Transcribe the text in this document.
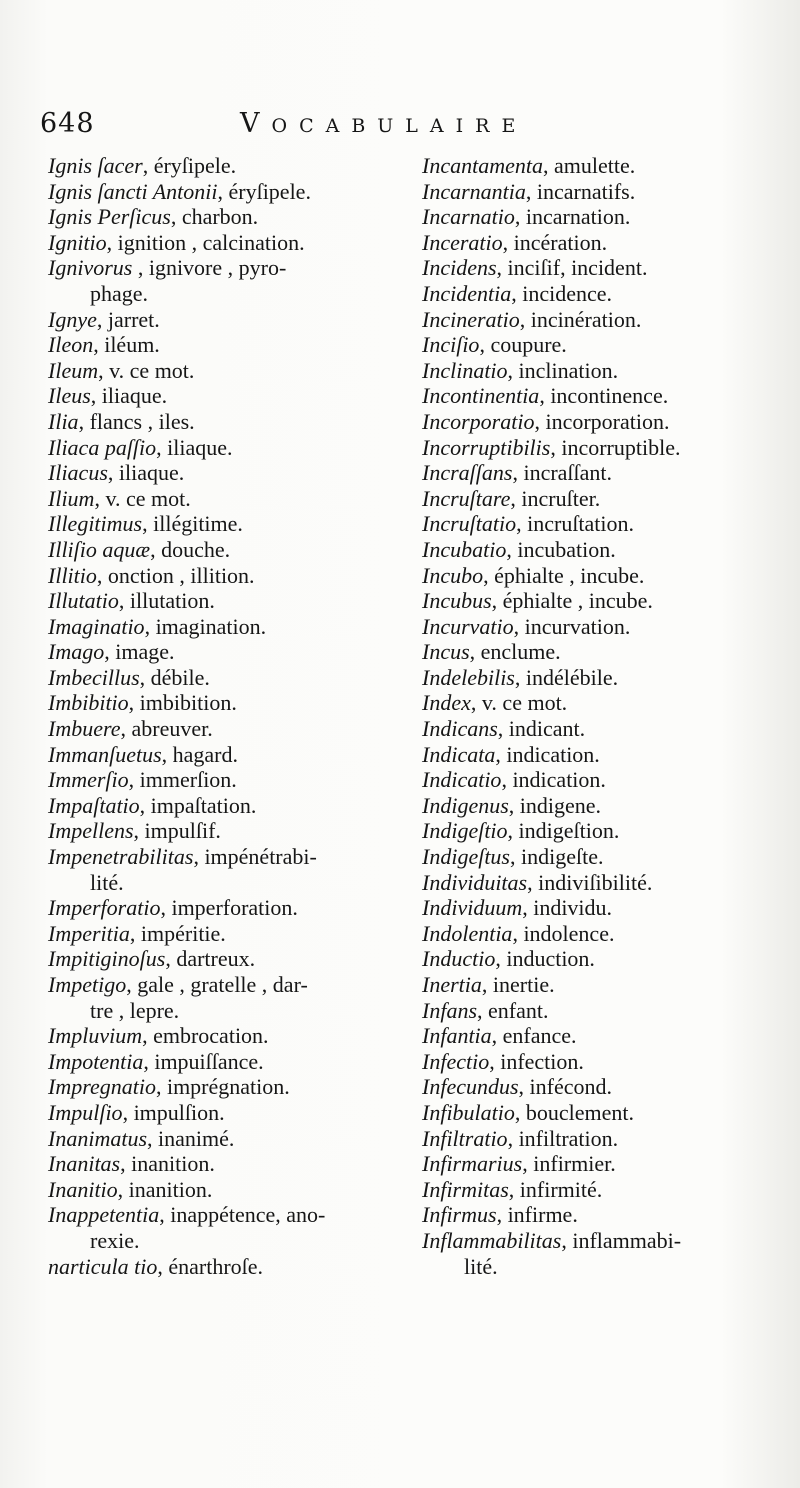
648	Vocabulaire
Ignis ſacer, éryſipele.
Ignis ſancti Antonii, éryſipele.
Ignis Perſicus, charbon.
Ignitio, ignition , calcination.
Ignivorus , ignivore , pyro-
phage.
Ignye, jarret.
Ileon, iléum.
Ileum, v. ce mot.
Ileus, iliaque.
Ilia, flancs , iles.
Iliaca paſſio, iliaque.
Iliacus, iliaque.
Ilium, v. ce mot.
Illegitimus, illégitime.
Illiſio aquæ, douche.
Illitio, onction , illition.
Illutatio, illutation.
Imaginatio, imagination.
Imago, image.
Imbecillus, débile.
Imbibitio, imbibition.
Imbuere, abreuver.
Immanſuetus, hagard.
Immerſio, immerſion.
Impaſtatio, impaſtation.
Impellens, impulſif.
Impenetrabilitas, impénétrabi-
lité.
Imperforatio, imperforation.
Imperitia, impéritie.
Impitiginoſus, dartreux.
Impetigo, gale , gratelle , dar-
tre , lepre.
Impluvium, embrocation.
Impotentia, impuiſſance.
Impregnatio, imprégnation.
Impulſio, impulſion.
Inanimatus, inanimé.
Inanitas, inanition.
Inanitio, inanition.
Inappetentia, inappétence, ano-
rexie.
narticula tio, énarthroſe.
Incantamenta, amulette.
Incarnantia, incarnatifs.
Incarnatio, incarnation.
Inceratio, incération.
Incidens, inciſif, incident.
Incidentia, incidence.
Incineratio, incinération.
Inciſio, coupure.
Inclinatio, inclination.
Incontinentia, incontinence.
Incorporatio, incorporation.
Incorruptibilis, incorruptible.
Incraſſans, incraſſant.
Incruſtare, incruſter.
Incruſtatio, incruſtation.
Incubatio, incubation.
Incubo, éphialte , incube.
Incubus, éphialte , incube.
Incurvatio, incurvation.
Incus, enclume.
Indelebilis, indélébile.
Index, v. ce mot.
Indicans, indicant.
Indicata, indication.
Indicatio, indication.
Indigenus, indigene.
Indigeſtio, indigeſtion.
Indigeſtus, indigeſte.
Individuitas, indiviſibilité.
Individuum, individu.
Indolentia, indolence.
Inductio, induction.
Inertia, inertie.
Infans, enfant.
Infantia, enfance.
Infectio, infection.
Infecundus, infécond.
Infibulatio, bouclement.
Infiltratio, infiltration.
Infirmarius, infirmier.
Infirmitas, infirmité.
Infirmus, infirme.
Inflammabilitas, inflammabi-
lité.
